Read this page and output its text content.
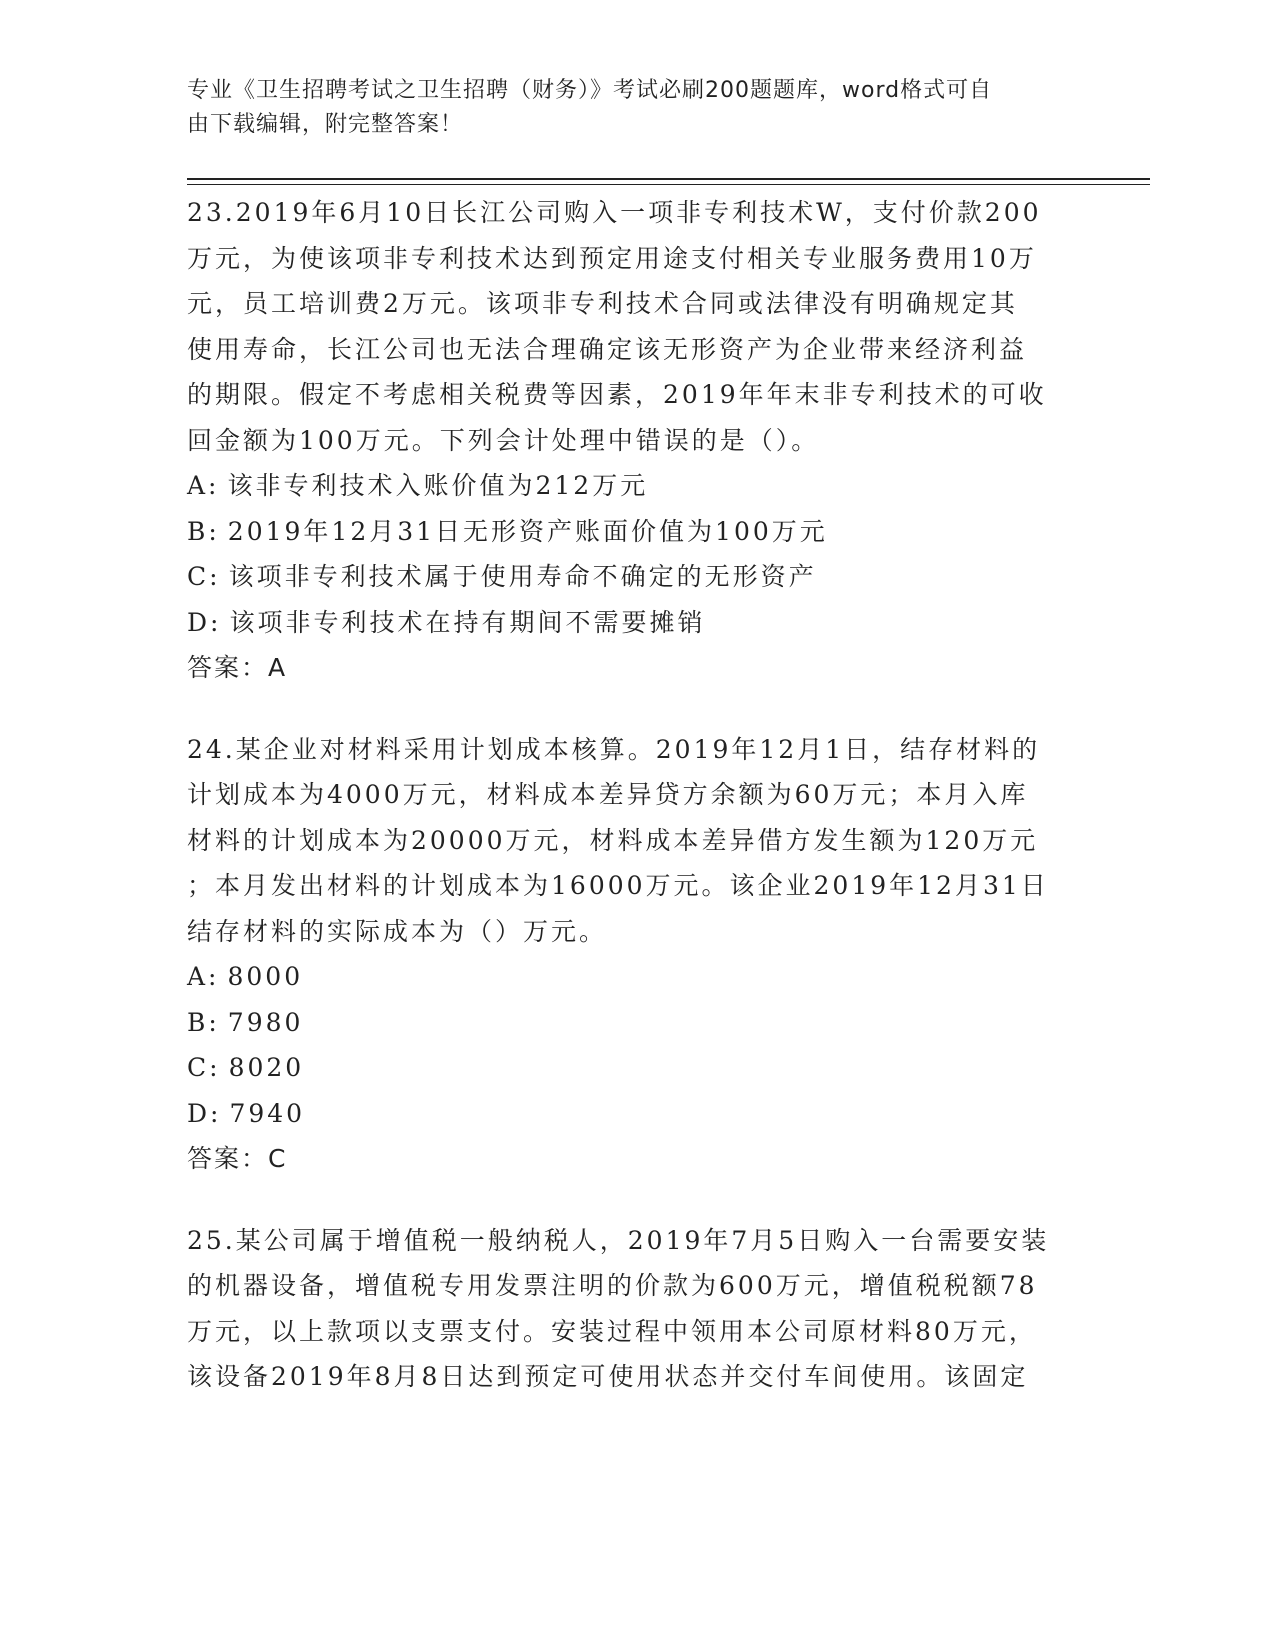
专业《卫生招聘考试之卫生招聘（财务）》考试必刷200题题库，word格式可自
由下载编辑，附完整答案！

23.2019年6月10日长江公司购入一项非专利技术W，支付价款200

万元，为使该项非专利技术达到预定用途支付相关专业服务费用10万

元，员工培训费2万元。该项非专利技术合同或法律没有明确规定其

使用寿命，长江公司也无法合理确定该无形资产为企业带来经济利益

的期限。假定不考虑相关税费等因素，2019年年末非专利技术的可收

回金额为100万元。下列会计处理中错误的是（）。

A: 该非专利技术入账价值为212万元

B: 2019年12月31日无形资产账面价值为100万元

C: 该项非专利技术属于使用寿命不确定的无形资产

D: 该项非专利技术在持有期间不需要摊销

答案：A

24.某企业对材料采用计划成本核算。2019年12月1日，结存材料的

计划成本为4000万元，材料成本差异贷方余额为60万元；本月入库

材料的计划成本为20000万元，材料成本差异借方发生额为120万元

；本月发出材料的计划成本为16000万元。该企业2019年12月31日

结存材料的实际成本为（）万元。

A: 8000

B: 7980

C: 8020

D: 7940

答案：C

25.某公司属于增值税一般纳税人，2019年7月5日购入一台需要安装

的机器设备，增值税专用发票注明的价款为600万元，增值税税额78

万元，以上款项以支票支付。安装过程中领用本公司原材料80万元，

该设备2019年8月8日达到预定可使用状态并交付车间使用。该固定
